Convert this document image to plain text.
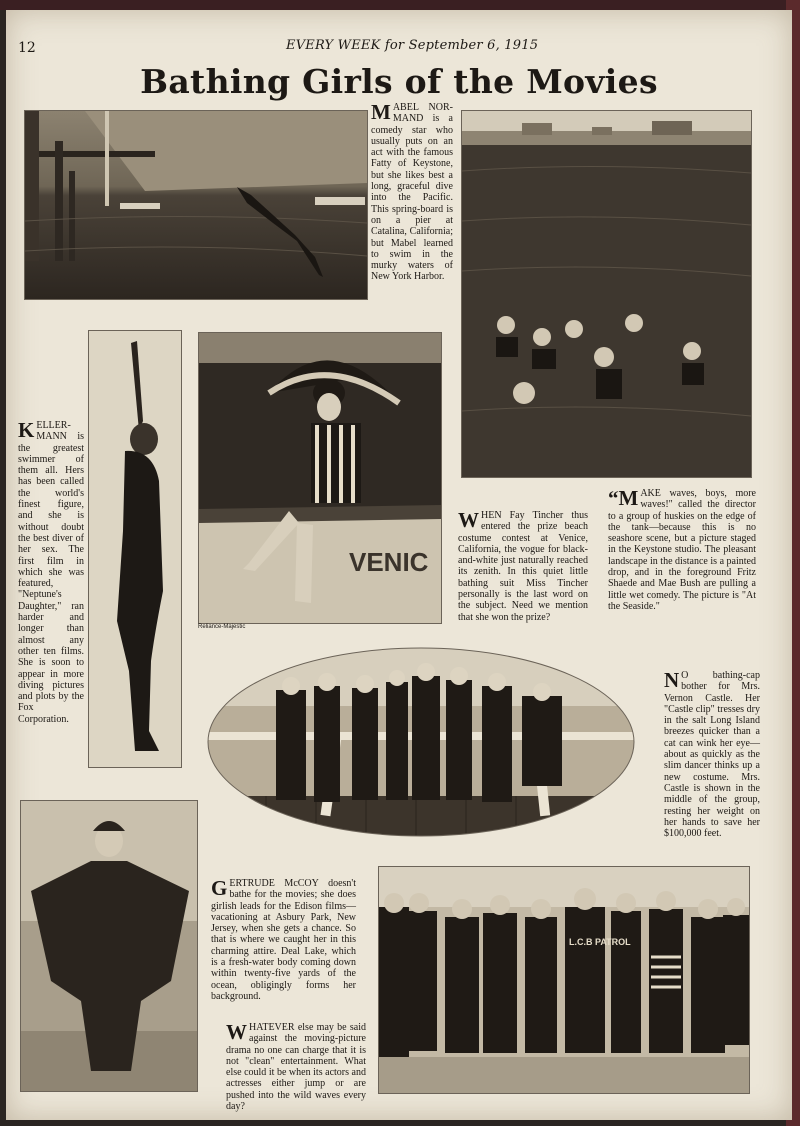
12	EVERY WEEK for September 6, 1915
Bathing Girls of the Movies
MABEL NOR-MAND is a comedy star who usually puts on an act with the famous Fatty of Keystone, but she likes best a long, graceful dive into the Pacific. This spring-board is on a pier at Catalina, California; but Mabel learned to swim in the murky waters of New York Harbor.
KELLER-MANN is the greatest swimmer of them all. Hers has been called the world's finest figure, and she is without doubt the best diver of her sex. The first film in which she was featured, "Neptune's Daughter," ran harder and longer than almost any other ten films. She is soon to appear in more diving pictures and plots by the Fox Corporation.
VENIC
Reliance-Majestic
WHEN Fay Tincher thus entered the prize beach costume contest at Venice, California, the vogue for black-and-white just naturally reached its zenith. In this quiet little bathing suit Miss Tincher personally is the last word on the subject. Need we mention that she won the prize?
“MAKE waves, boys, more waves!" called the director to a group of huskies on the edge of the tank—because this is no seashore scene, but a picture staged in the Keystone studio. The pleasant landscape in the distance is a painted drop, and in the foreground Fritz Shaede and Mae Bush are pulling a little wet comedy. The picture is "At the Seaside."
N O bathing-cap bother for Mrs. Vernon Castle. Her "Castle clip" tresses dry in the salt Long Island breezes quicker than a cat can wink her eye—about as quickly as the slim dancer thinks up a new costume. Mrs. Castle is shown in the middle of the group, resting her weight on her hands to save her $100,000 feet.
GERTRUDE McCOY doesn't bathe for the movies; she does girlish leads for the Edison films—vacationing at Asbury Park, New Jersey, when she gets a chance. So that is where we caught her in this charming attire. Deal Lake, which is a fresh-water body coming down within twenty-five yards of the ocean, obligingly forms her background.
WHATEVER else may be said against the moving-picture drama no one can charge that it is not "clean" entertainment. What else could it be when its actors and actresses either jump or are pushed into the wild waves every day?
L.C.B PATROL
